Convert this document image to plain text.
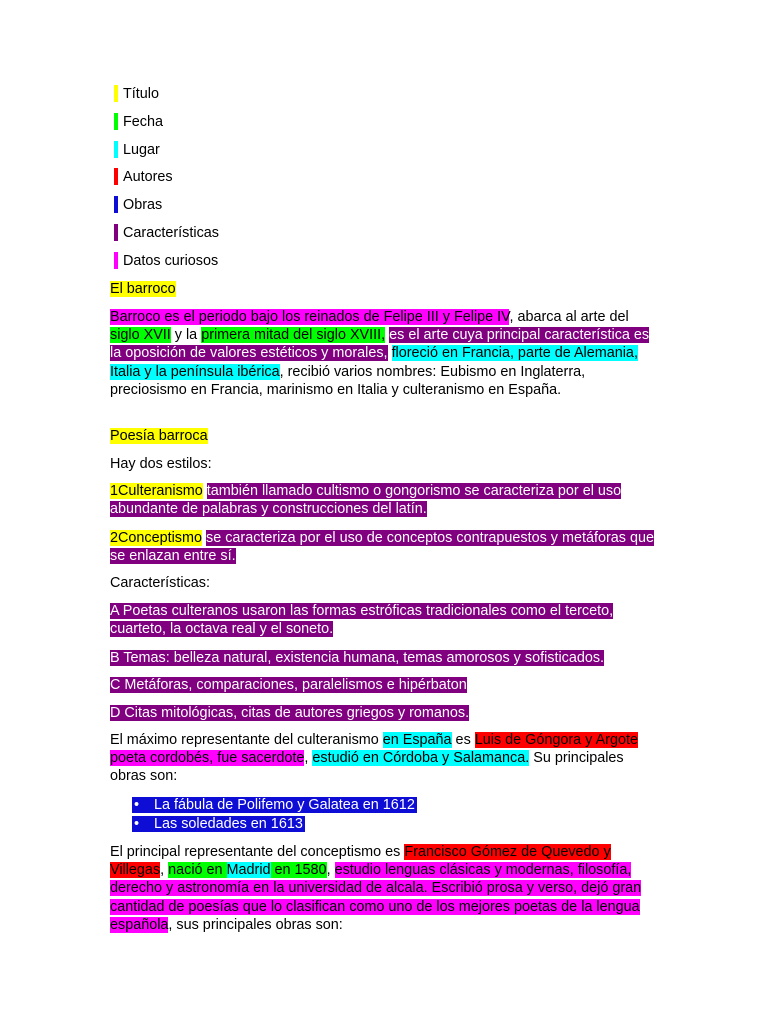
Título
Fecha
Lugar
Autores
Obras
Características
Datos curiosos
El barroco
Barroco es el periodo bajo los reinados de Felipe III y Felipe IV, abarca al arte del siglo XVII y la primera mitad del siglo XVIII, es el arte cuya principal característica es la oposición de valores estéticos y morales, floreció en Francia, parte de Alemania, Italia y la península ibérica, recibió varios nombres: Eubismo en Inglaterra, preciosismo en Francia, marinismo en Italia y culteranismo en España.
Poesía barroca
Hay dos estilos:
1Culteranismo también llamado cultismo o gongorismo se caracteriza por el uso abundante de palabras y construcciones del latín.
2Conceptismo se caracteriza por el uso de conceptos contrapuestos y metáforas que se enlazan entre sí.
Características:
A Poetas culteranos usaron las formas estróficas tradicionales como el terceto, cuarteto, la octava real y el soneto.
B Temas: belleza natural, existencia humana, temas amorosos y sofisticados.
C Metáforas, comparaciones, paralelismos e hipérbaton
D Citas mitológicas, citas de autores griegos y romanos.
El máximo representante del culteranismo en España es Luis de Góngora y Argote poeta cordobés, fue sacerdote, estudió en Córdoba y Salamanca. Su principales obras son:
• La fábula de Polifemo y Galatea en 1612
• Las soledades en 1613
El principal representante del conceptismo es Francisco Gómez de Quevedo y Villegas, nació en Madrid en 1580, estudio lenguas clásicas y modernas, filosofía, derecho y astronomía en la universidad de alcala. Escribió prosa y verso, dejó gran cantidad de poesías que lo clasifican como uno de los mejores poetas de la lengua española, sus principales obras son:
